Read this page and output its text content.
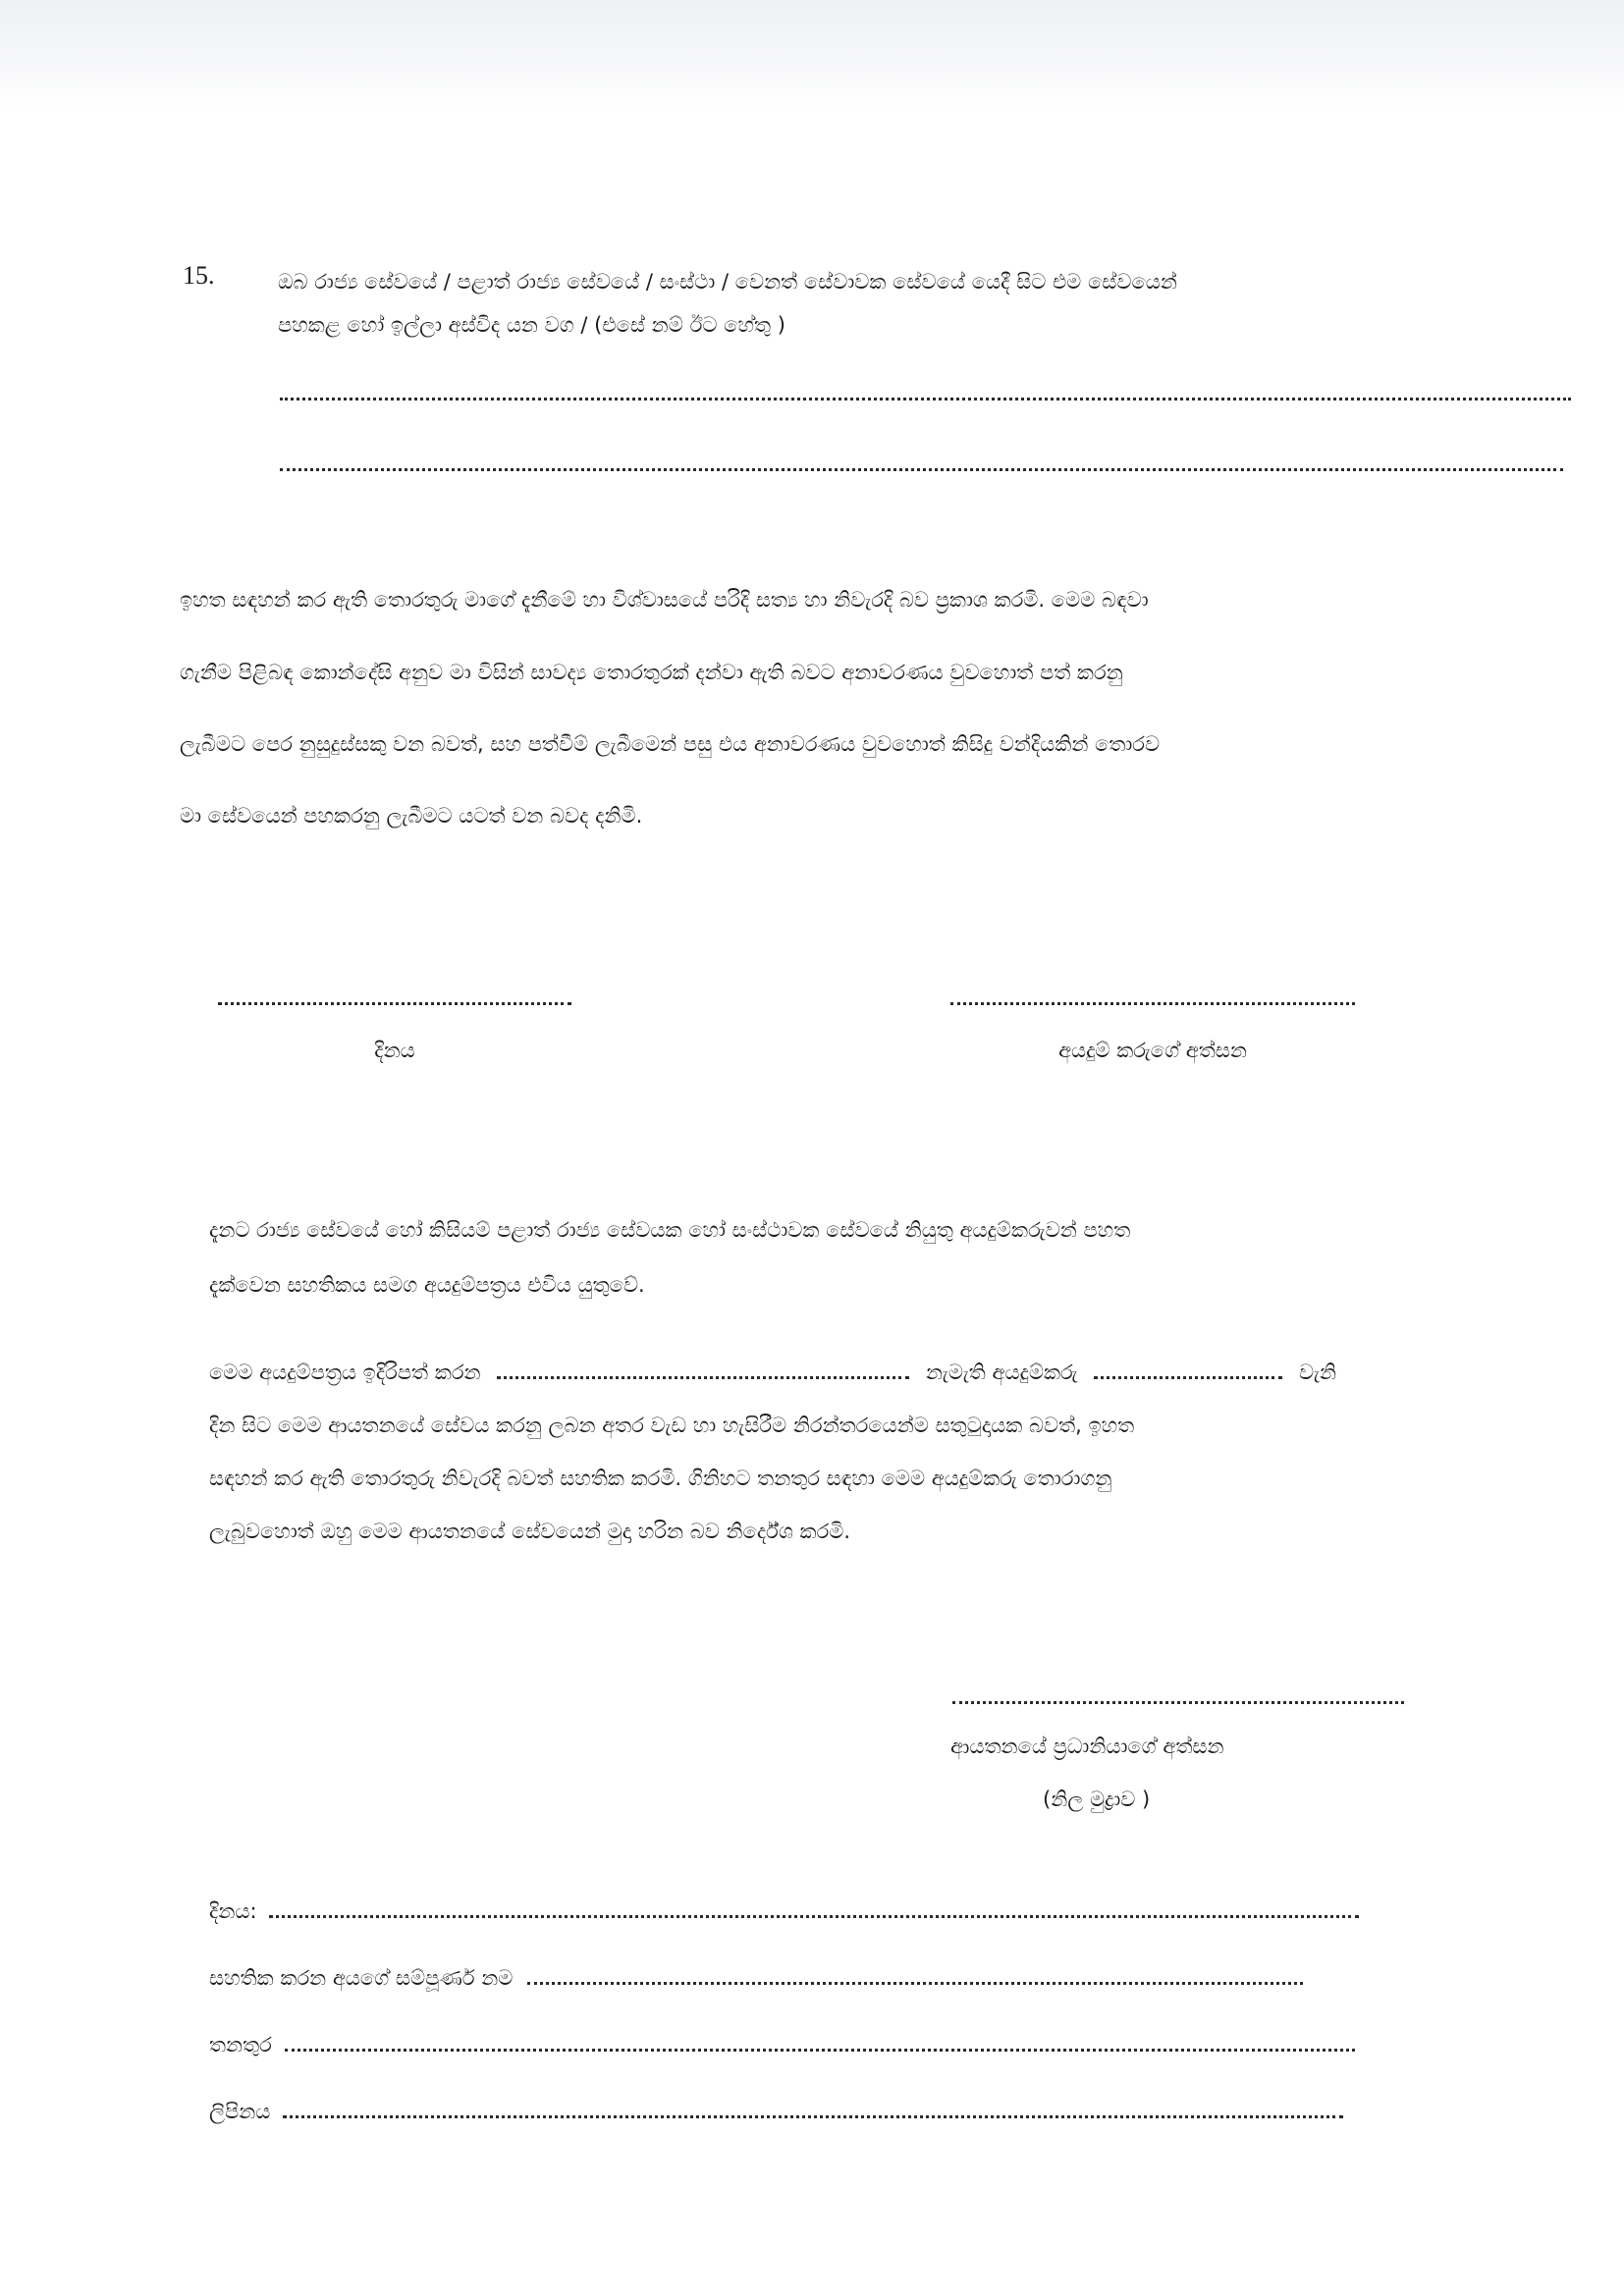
15.	ඔබ රාජ්‍ය සේවයේ / පළාත් රාජ්‍ය සේවයේ / සංස්ථා / වෙනත් සේවාවක සේවයේ යෙදී සිට එම සේවයෙන්
පහකළ හෝ ඉල්ලා අස්විද යන වග / (එසේ නම් ඊට හේතු )
ඉහත සඳහන් කර ඇති තොරතුරු මාගේ දැනීමේ හා විශ්වාසයේ පරිදි සත්‍ය හා නිවැරදි බව ප්‍රකාශ කරමි. මෙම බඳවා
ගැනීම පිළිබඳ කොන්දේසි අනුව මා විසින් සාවද්‍ය තොරතුරක් දන්වා ඇති බවට අනාවරණය වුවහොත් පත් කරනු
ලැබීමට පෙර නුසුදුස්සකු වන බවත්, සහ පත්වීම් ලැබීමෙන් පසු එය අනාවරණය වුවහොත් කිසිදු වන්දියකින් තොරව
මා සේවයෙන් පහකරනු ලැබීමට යටත් වන බවද දනිමි.
දිනය	අයදුම් කරුගේ අත්සන
දැනට රාජ්‍ය සේවයේ හෝ කිසියම් පළාත් රාජ්‍ය සේවයක හෝ සංස්ථාවක සේවයේ නියුතු අයදුම්කරුවන් පහත
දැක්වෙන සහතිකය සමග අයදුම්පත්‍රය එවිය යුතුවේ.
මෙම අයදුම්පත්‍රය ඉදිරිපත් කරන	නැමැති අයදුම්කරු	වැනි
දින සිට මෙම ආයතනයේ සේවය කරනු ලබන අතර වැඩ හා හැසිරීම නිරන්තරයෙන්ම සතුටුදායක බවත්, ඉහත
සඳහන් කර ඇති තොරතුරු නිවැරදි බවත් සහතික කරමි. ගිනිහට තනතුර සඳහා මෙම අයදුම්කරු තොරාගනු
ලැබුවහොත් ඔහු මෙම ආයතනයේ සේවයෙන් මුදා හරින බව නිර්දේශ කරමි.
ආයතනයේ ප්‍රධානියාගේ අත්සන
(නිල මුද්‍රාව )
දිනය:
සහතික කරන අයගේ සම්පූර්ණ නම
තනතුර
ලිපිනය
